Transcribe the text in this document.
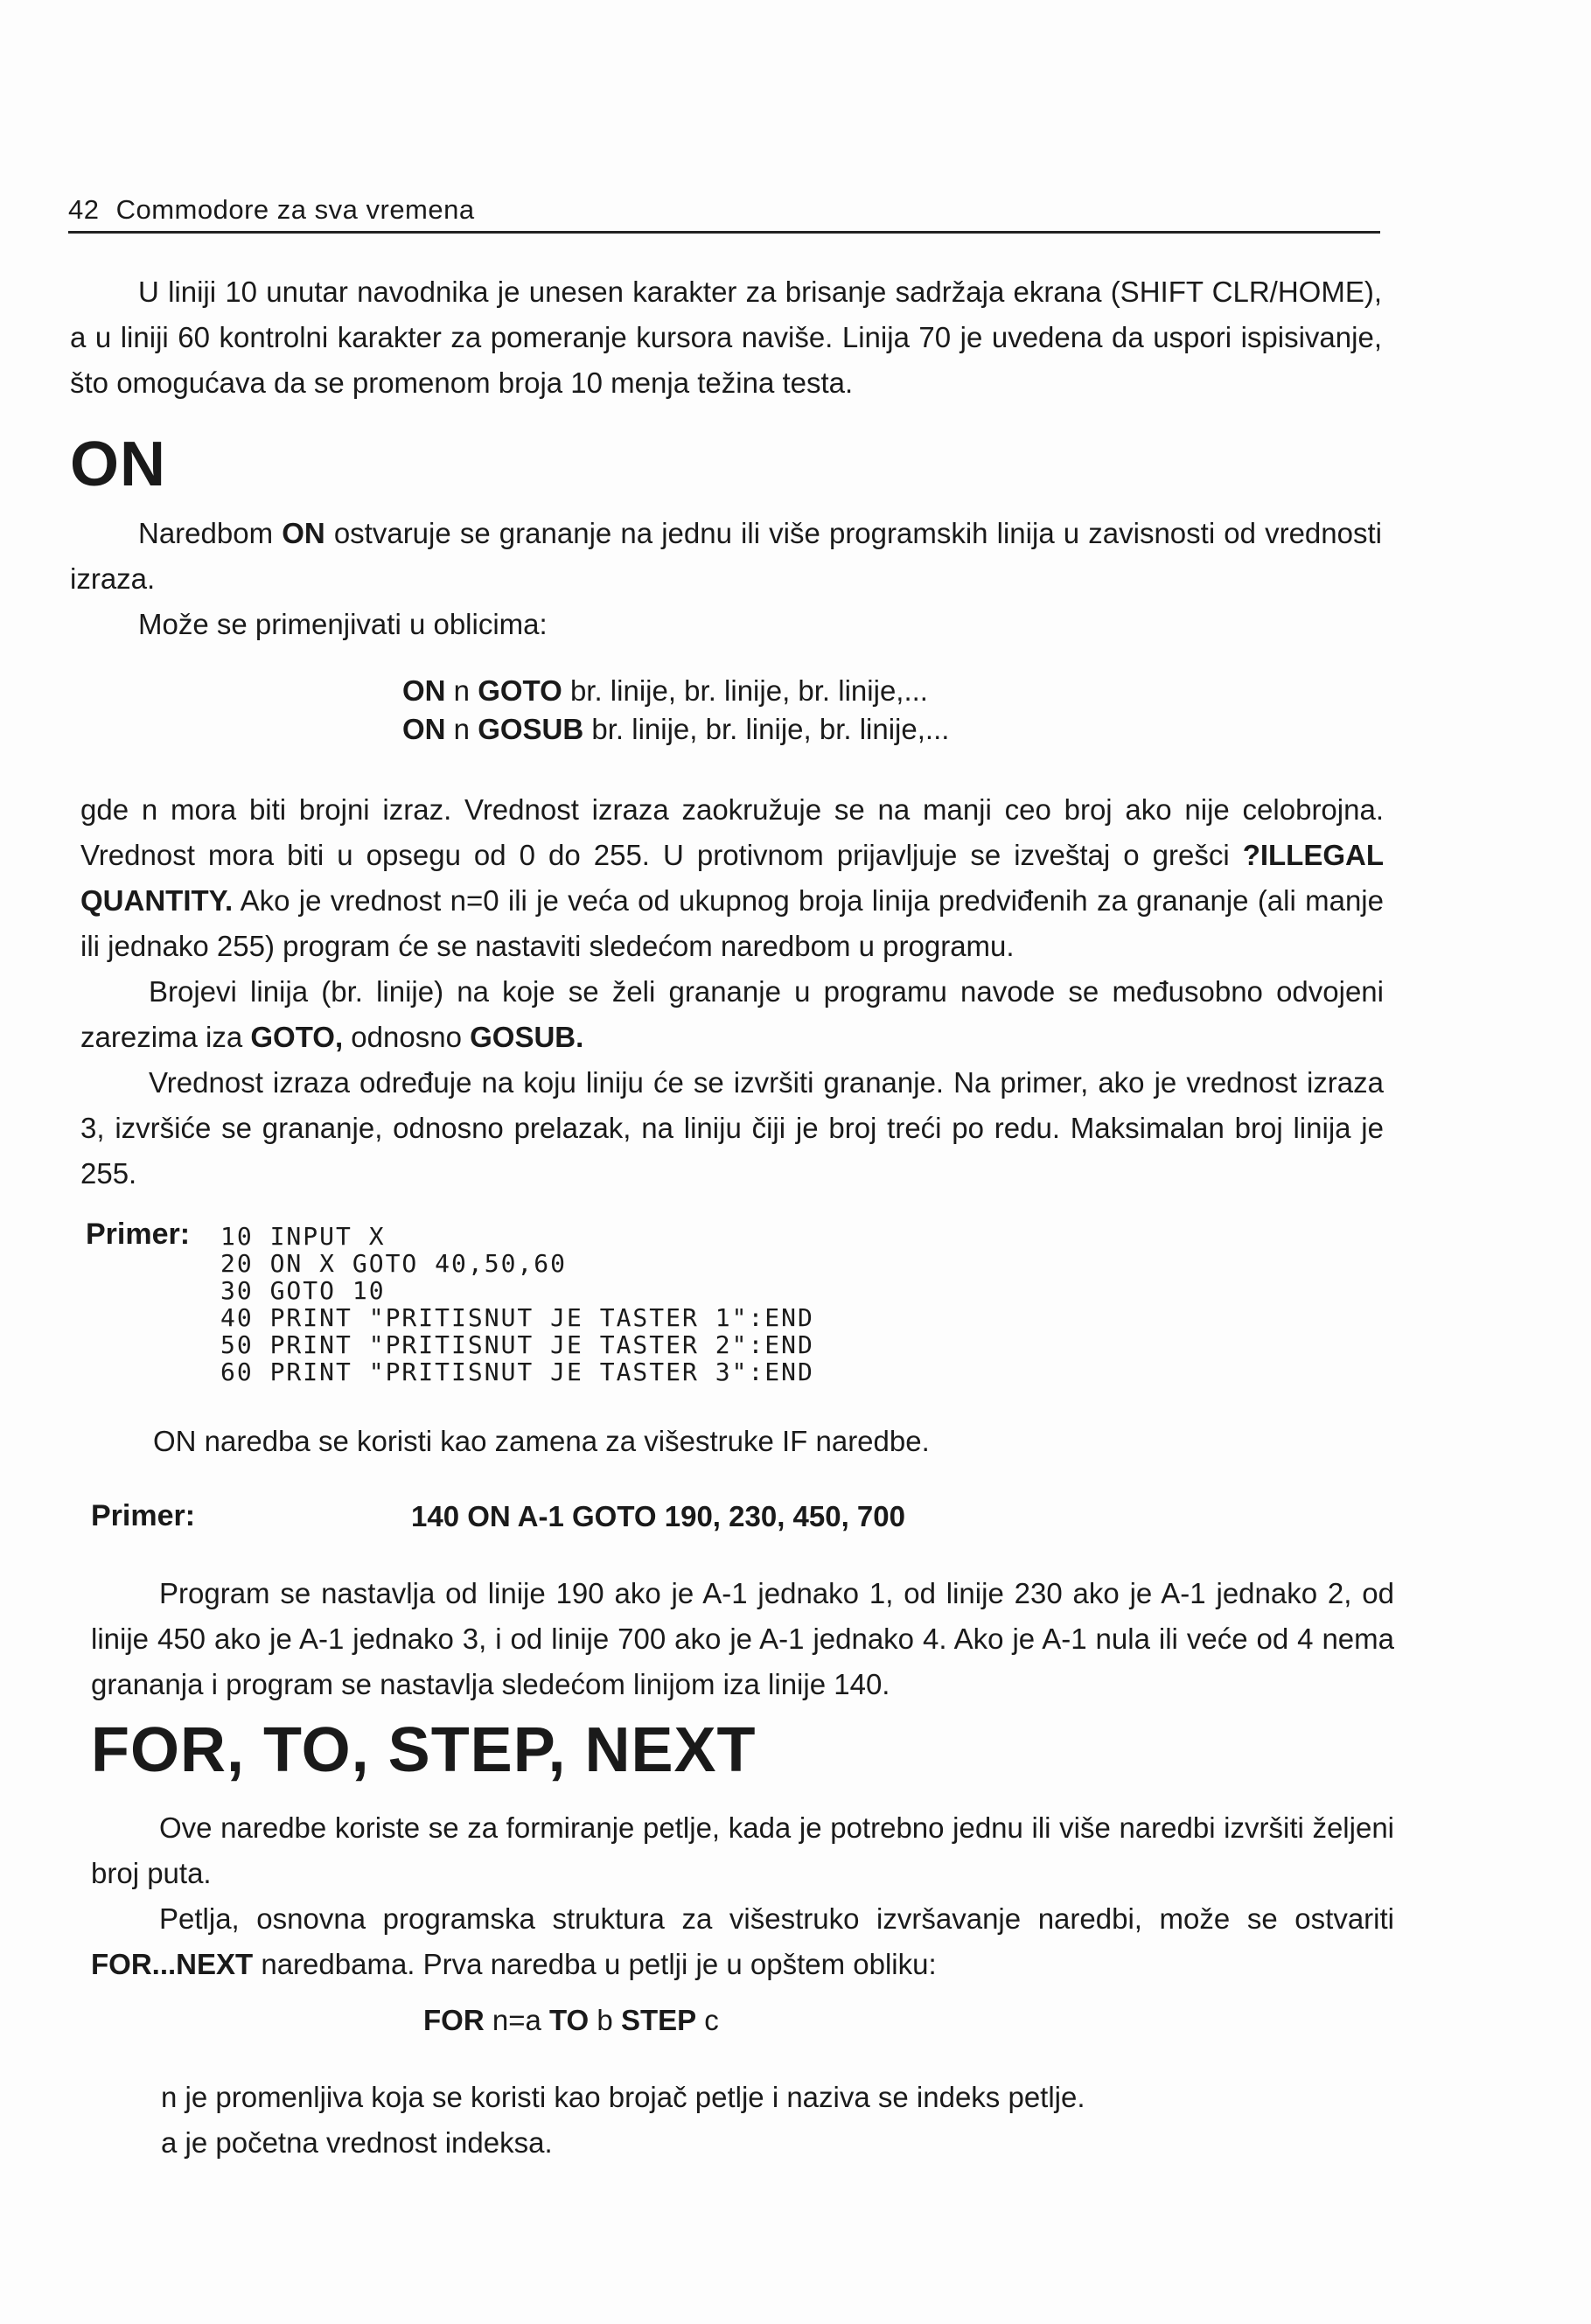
42 Commodore za sva vremena

U liniji 10 unutar navodnika je unesen karakter za brisanje sadržaja ekrana (SHIFT CLR/HOME), a u liniji 60 kontrolni karakter za pomeranje kursora naviše. Linija 70 je uvedena da uspori ispisivanje, što omogućava da se promenom broja 10 menja težina testa.

ON

Naredbom ON ostvaruje se grananje na jednu ili više programskih linija u zavisnosti od vrednosti izraza.

Može se primenjivati u oblicima:

ON n GOTO br. linije, br. linije, br. linije,...
ON n GOSUB br. linije, br. linije, br. linije,...

gde n mora biti brojni izraz. Vrednost izraza zaokružuje se na manji ceo broj ako nije celobrojna. Vrednost mora biti u opsegu od 0 do 255. U protivnom prijavljuje se izveštaj o grešci ?ILLEGAL QUANTITY. Ako je vrednost n=0 ili je veća od ukupnog broja linija predviđenih za grananje (ali manje ili jednako 255) program će se nastaviti sledećom naredbom u programu.

Brojevi linija (br. linije) na koje se želi grananje u programu navode se međusobno odvojeni zarezima iza GOTO, odnosno GOSUB.

Vrednost izraza određuje na koju liniju će se izvršiti grananje. Na primer, ako je vrednost izraza 3, izvršiće se grananje, odnosno prelazak, na liniju čiji je broj treći po redu. Maksimalan broj linija je 255.

Primer: 10 INPUT X
20 ON X GOTO 40,50,60
30 GOTO 10
40 PRINT "PRITISNUT JE TASTER 1":END
50 PRINT "PRITISNUT JE TASTER 2":END
60 PRINT "PRITISNUT JE TASTER 3":END

ON naredba se koristi kao zamena za višestruke IF naredbe.

Primer:	140 ON A-1 GOTO 190, 230, 450, 700

Program se nastavlja od linije 190 ako je A-1 jednako 1, od linije 230 ako je A-1 jednako 2, od linije 450 ako je A-1 jednako 3, i od linije 700 ako je A-1 jednako 4. Ako je A-1 nula ili veće od 4 nema grananja i program se nastavlja sledećom linijom iza linije 140.

FOR, TO, STEP, NEXT

Ove naredbe koriste se za formiranje petlje, kada je potrebno jednu ili više naredbi izvršiti željeni broj puta.

Petlja, osnovna programska struktura za višestruko izvršavanje naredbi, može se ostvariti FOR...NEXT naredbama. Prva naredba u petlji je u opštem obliku:

FOR n=a TO b STEP c

n je promenljiva koja se koristi kao brojač petlje i naziva se indeks petlje.

a je početna vrednost indeksa.
